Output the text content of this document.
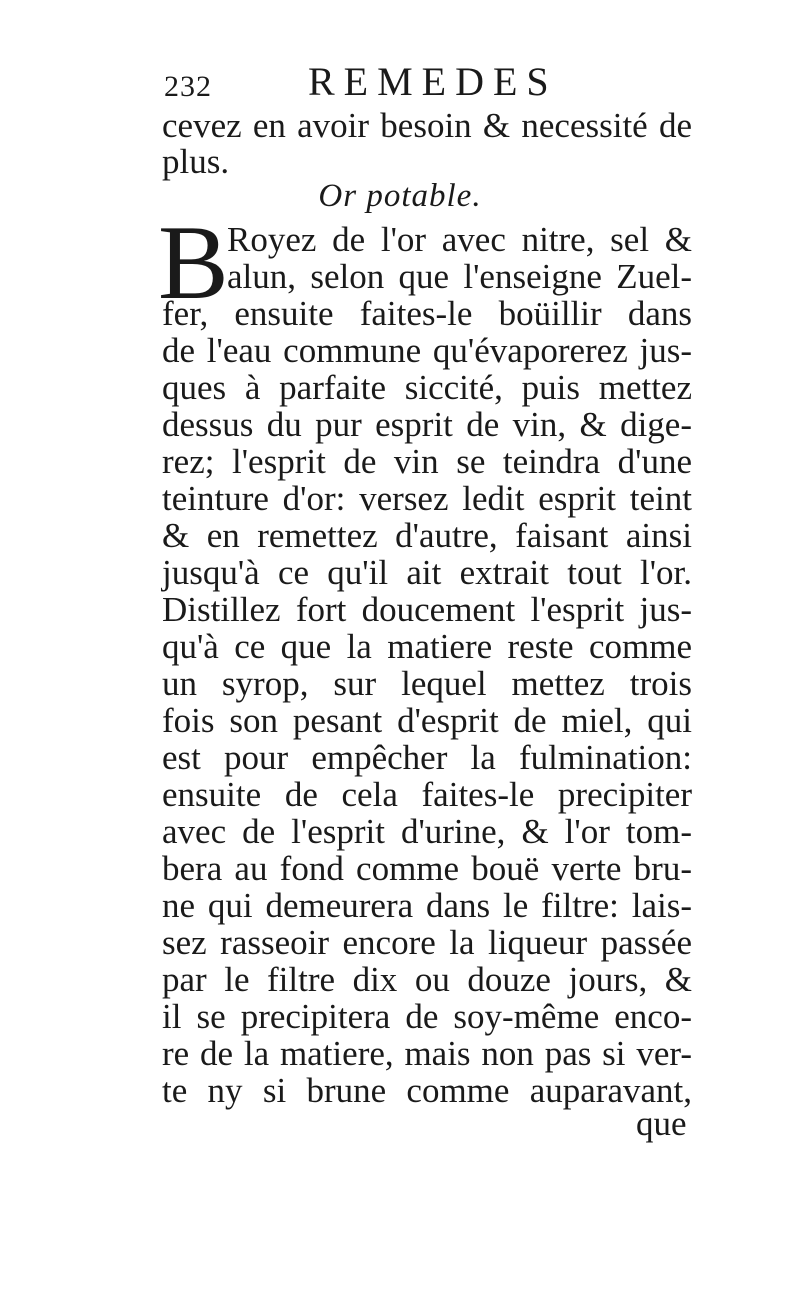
232 REMEDES
cevez en avoir besoin & necessité de
plus.
Or potable.
B
Royez de l'or avec nitre, sel &
alun, selon que l'enseigne Zuel-
fer, ensuite faites-le boüillir dans
de l'eau commune qu'évaporerez jus-
ques à parfaite siccité, puis mettez
dessus du pur esprit de vin, & dige-
rez; l'esprit de vin se teindra d'une
teinture d'or: versez ledit esprit teint
& en remettez d'autre, faisant ainsi
jusqu'à ce qu'il ait extrait tout l'or.
Distillez fort doucement l'esprit jus-
qu'à ce que la matiere reste comme
un syrop, sur lequel mettez trois
fois son pesant d'esprit de miel, qui
est pour empêcher la fulmination:
ensuite de cela faites-le precipiter
avec de l'esprit d'urine, & l'or tom-
bera au fond comme bouë verte bru-
ne qui demeurera dans le filtre: lais-
sez rasseoir encore la liqueur passée
par le filtre dix ou douze jours, &
il se precipitera de soy-même enco-
re de la matiere, mais non pas si ver-
te ny si brune comme auparavant,
que
